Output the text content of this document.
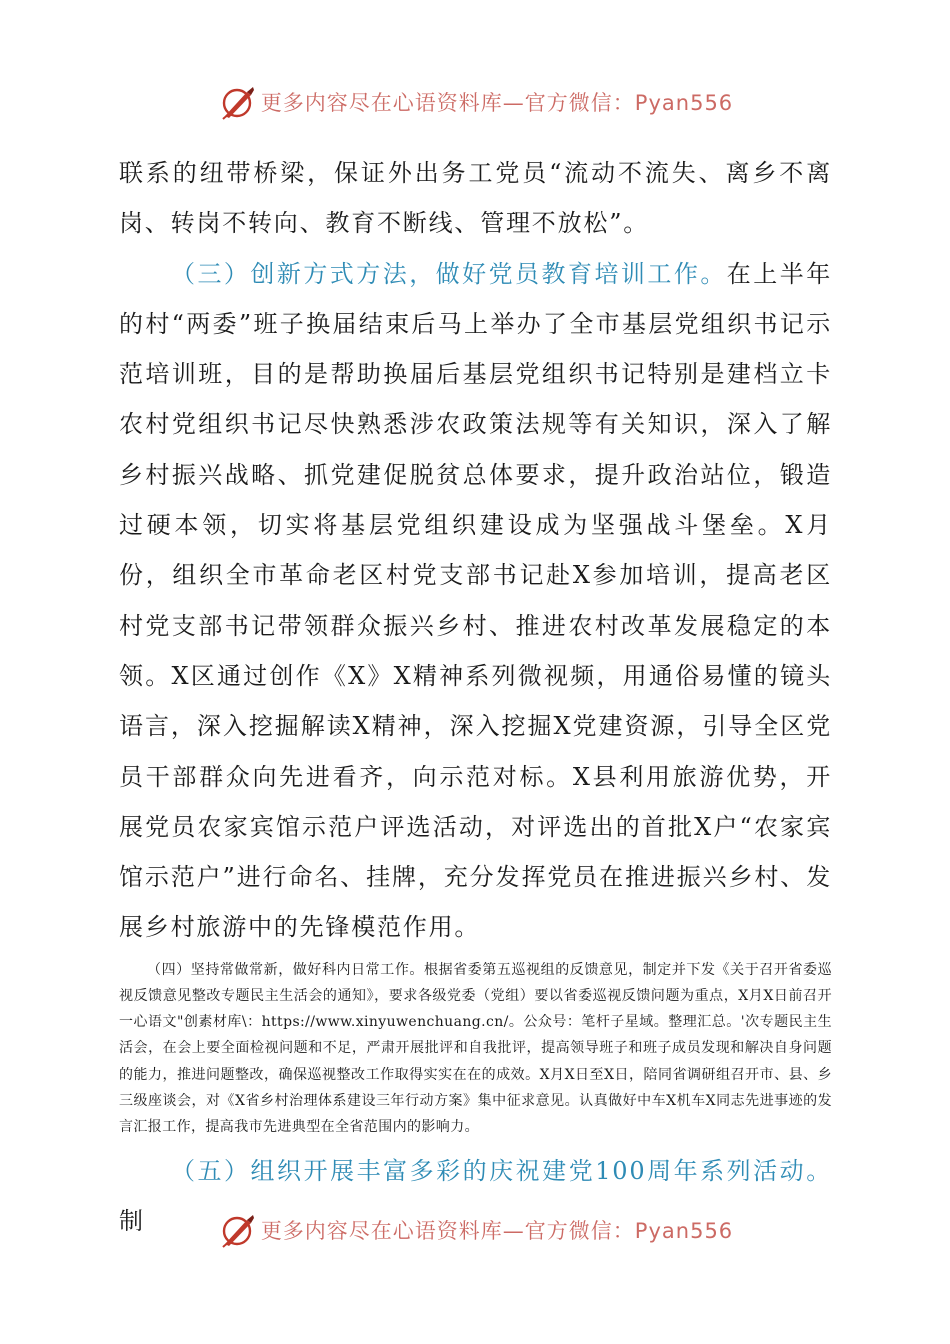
更多内容尽在心语资料库—官方微信：Pyan556

联系的纽带桥梁，保证外出务工党员“流动不流失、离乡不离岗、转岗不转向、教育不断线、管理不放松”。

（三）创新方式方法，做好党员教育培训工作。在上半年的村“两委”班子换届结束后马上举办了全市基层党组织书记示范培训班，目的是帮助换届后基层党组织书记特别是建档立卡农村党组织书记尽快熟悉涉农政策法规等有关知识，深入了解乡村振兴战略、抓党建促脱贫总体要求，提升政治站位，锻造过硬本领，切实将基层党组织建设成为坚强战斗堡垒。X月份，组织全市革命老区村党支部书记赴X参加培训，提高老区村党支部书记带领群众振兴乡村、推进农村改革发展稳定的本领。X区通过创作《X》X精神系列微视频，用通俗易懂的镜头语言，深入挖掘解读X精神，深入挖掘X党建资源，引导全区党员干部群众向先进看齐，向示范对标。X县利用旅游优势，开展党员农家宾馆示范户评选活动，对评选出的首批X户“农家宾馆示范户”进行命名、挂牌，充分发挥党员在推进振兴乡村、发展乡村旅游中的先锋模范作用。

（四）坚持常做常新，做好科内日常工作。根据省委第五巡视组的反馈意见，制定并下发《关于召开省委巡视反馈意见整改专题民主生活会的通知》，要求各级党委（党组）要以省委巡视反馈问题为重点，X月X日前召开一心语文"创素材库\：https://www.xinyuwenchuang.cn/。公众号：笔杆子星域。整理汇总。'次专题民主生活会，在会上要全面检视问题和不足，严肃开展批评和自我批评，提高领导班子和班子成员发现和解决自身问题的能力，推进问题整改，确保巡视整改工作取得实实在在的成效。X月X日至X日，陪同省调研组召开市、县、乡三级座谈会，对《X省乡村治理体系建设三年行动方案》集中征求意见。认真做好中车X机车X同志先进事迹的发言汇报工作，提高我市先进典型在全省范围内的影响力。

（五）组织开展丰富多彩的庆祝建党100周年系列活动。制	更多内容尽在心语资料库—官方微信：Pyan556
